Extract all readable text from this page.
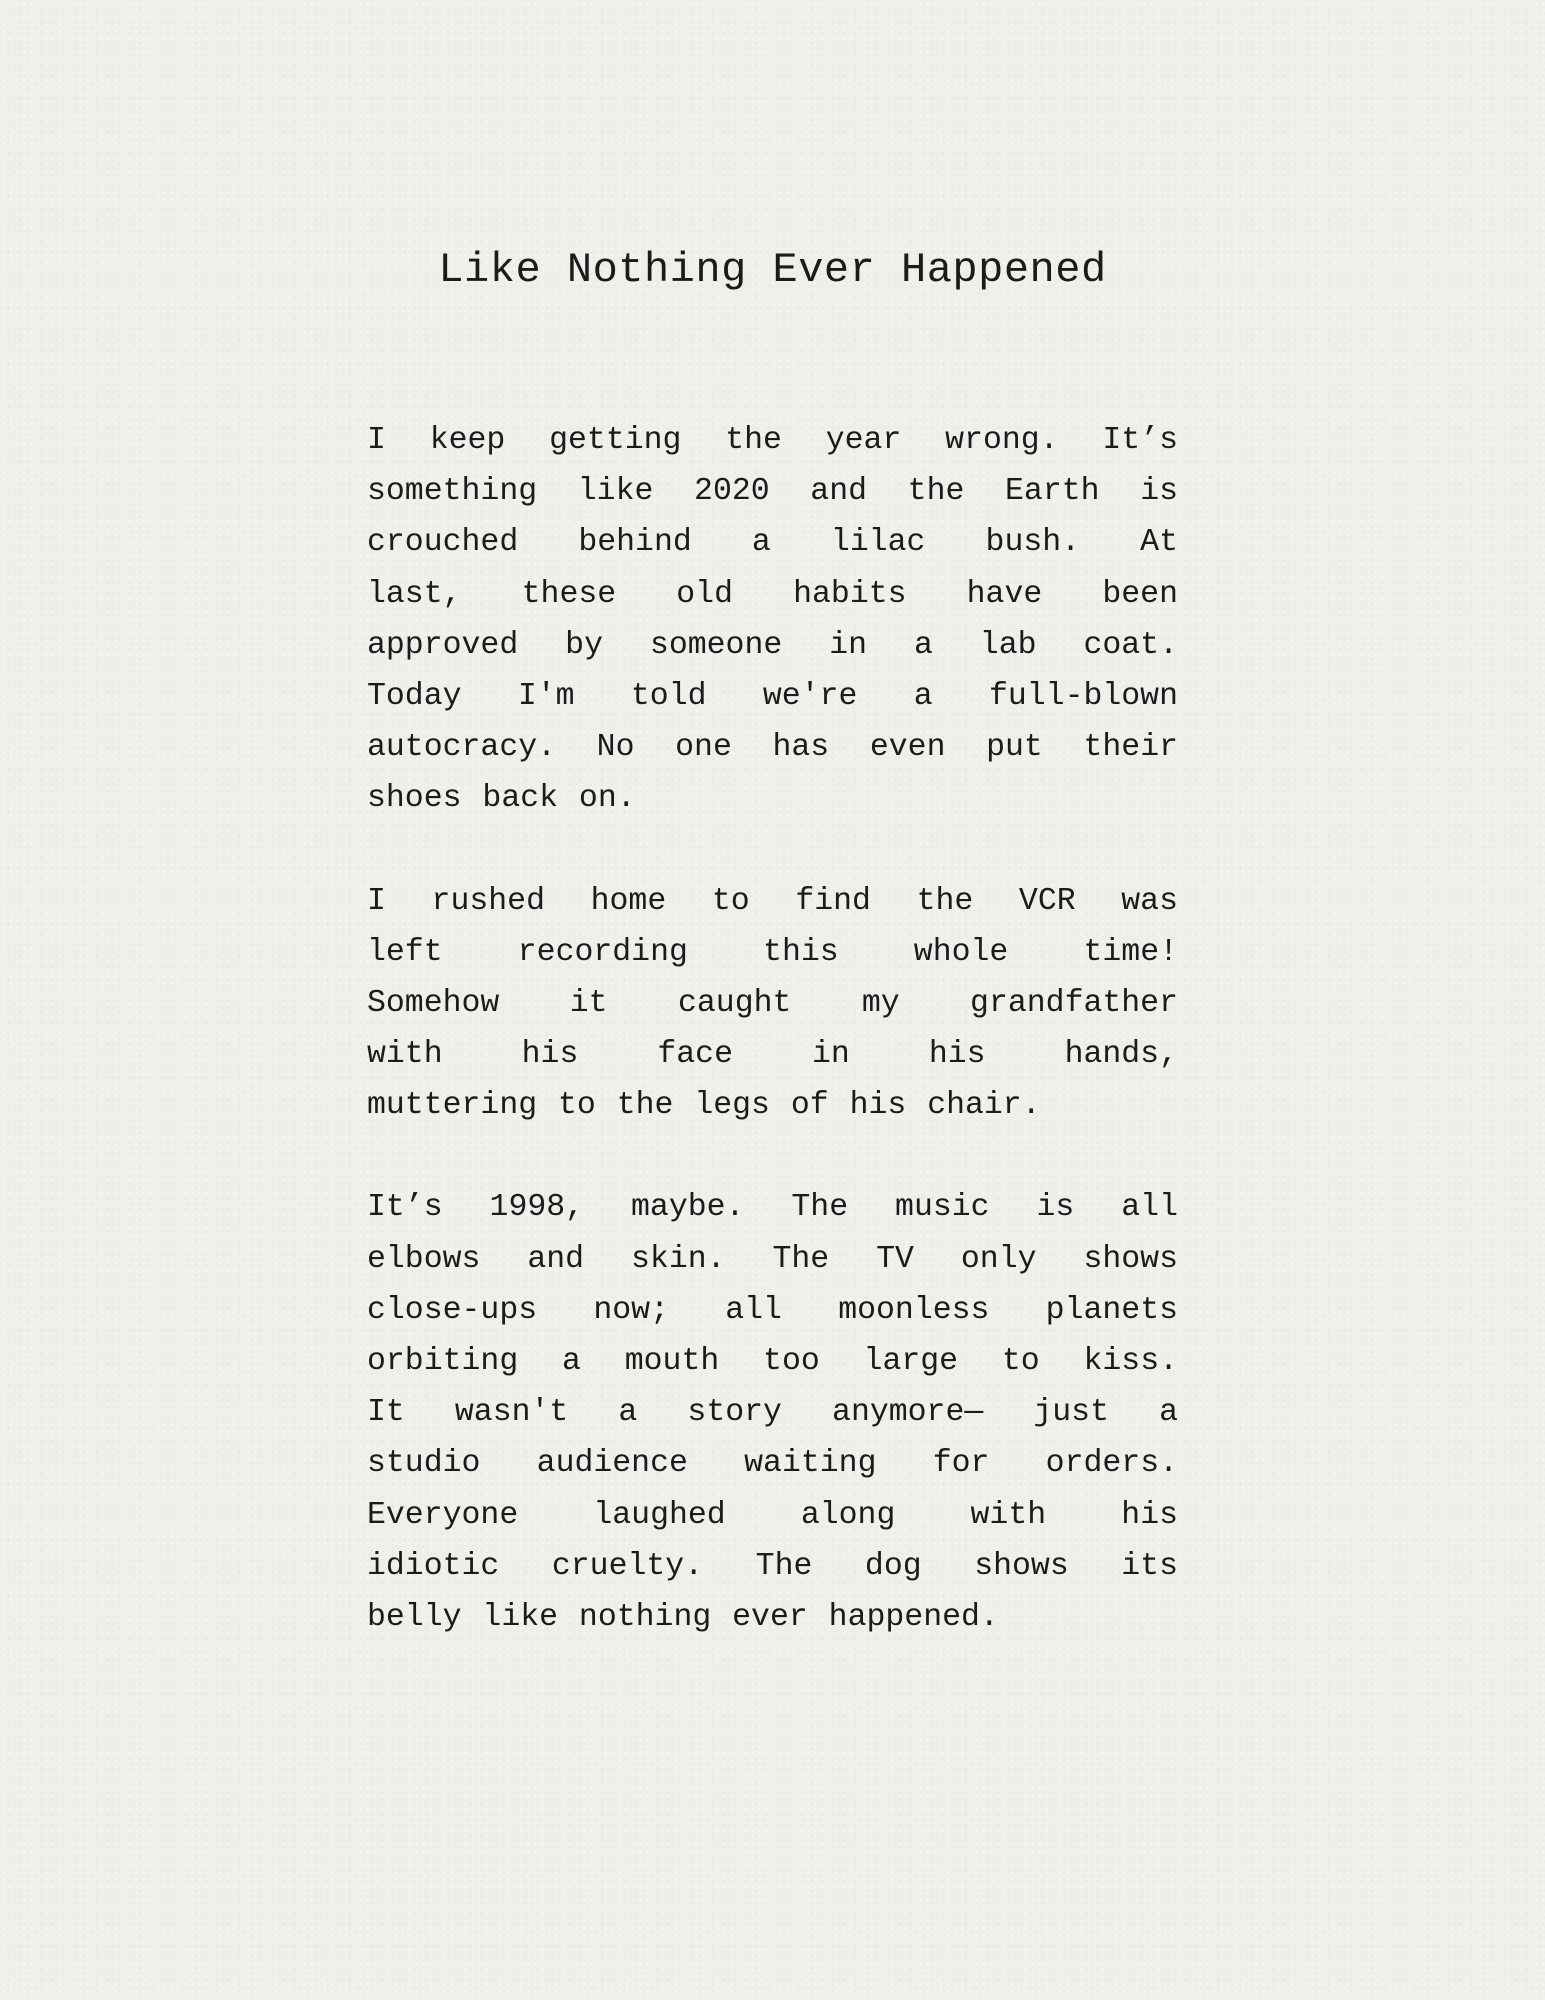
Like Nothing Ever Happened
I keep getting the year wrong. It’s
something like 2020 and the Earth is
crouched behind a lilac bush. At
last, these old habits have been
approved by someone in a lab coat.
Today I'm told we're a full-blown
autocracy. No one has even put their
shoes back on.
I rushed home to find the VCR was
left recording this whole time!
Somehow it caught my grandfather
with his face in his hands,
muttering to the legs of his chair.
It’s 1998, maybe. The music is all
elbows and skin. The TV only shows
close-ups now; all moonless planets
orbiting a mouth too large to kiss.
It wasn't a story anymore— just a
studio audience waiting for orders.
Everyone laughed along with his
idiotic cruelty. The dog shows its
belly like nothing ever happened.
